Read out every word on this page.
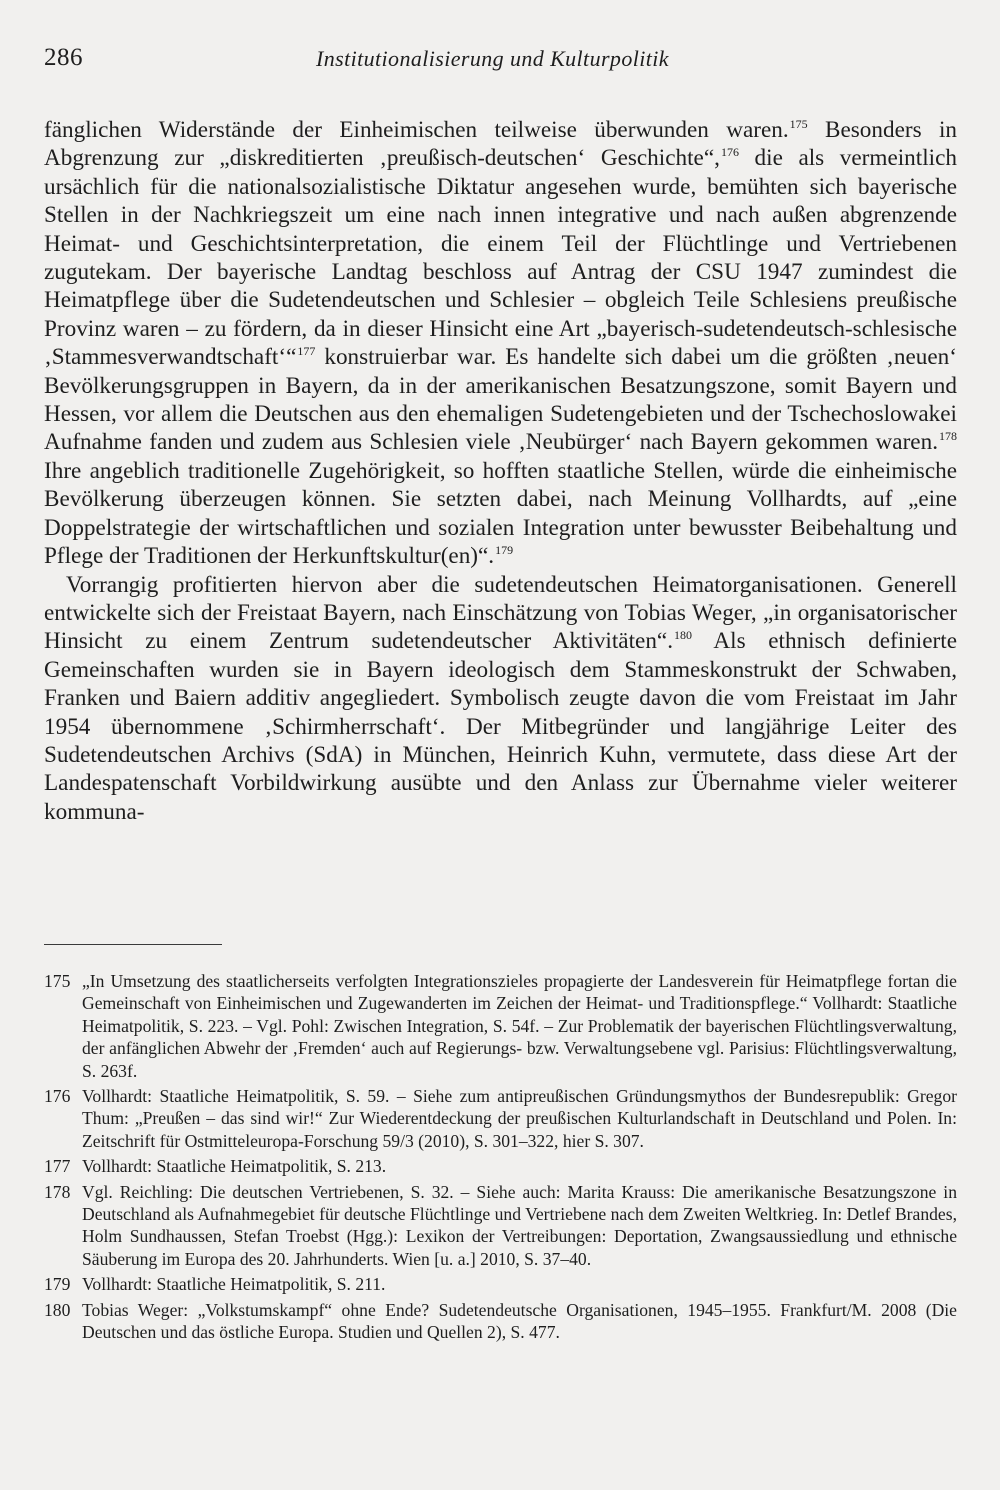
286	Institutionalisierung und Kulturpolitik

fänglichen Widerstände der Einheimischen teilweise überwunden waren.$^{175}$ Besonders in Abgrenzung zur „diskreditierten ‚preußisch-deutschen‘ Geschichte“,$^{176}$ die als vermeintlich ursächlich für die nationalsozialistische Diktatur angesehen wurde, bemühten sich bayerische Stellen in der Nachkriegszeit um eine nach innen integrative und nach außen abgrenzende Heimat- und Geschichtsinterpretation, die einem Teil der Flüchtlinge und Vertriebenen zugutekam. Der bayerische Landtag beschloss auf Antrag der CSU 1947 zumindest die Heimatpflege über die Sudetendeutschen und Schlesier – obgleich Teile Schlesiens preußische Provinz waren – zu fördern, da in dieser Hinsicht eine Art „bayerisch-sudetendeutsch-schlesische ‚Stammesverwandtschaft‘“$^{177}$ konstruierbar war. Es handelte sich dabei um die größten ‚neuen‘ Bevölkerungsgruppen in Bayern, da in der amerikanischen Besatzungszone, somit Bayern und Hessen, vor allem die Deutschen aus den ehemaligen Sudetengebieten und der Tschechoslowakei Aufnahme fanden und zudem aus Schlesien viele ‚Neubürger‘ nach Bayern gekommen waren.$^{178}$ Ihre angeblich traditionelle Zugehörigkeit, so hofften staatliche Stellen, würde die einheimische Bevölkerung überzeugen können. Sie setzten dabei, nach Meinung Vollhardts, auf „eine Doppelstrategie der wirtschaftlichen und sozialen Integration unter bewusster Beibehaltung und Pflege der Traditionen der Herkunftskultur(en)“.$^{179}$

Vorrangig profitierten hiervon aber die sudetendeutschen Heimatorganisationen. Generell entwickelte sich der Freistaat Bayern, nach Einschätzung von Tobias Weger, „in organisatorischer Hinsicht zu einem Zentrum sudetendeutscher Aktivitäten“.$^{180}$ Als ethnisch definierte Gemeinschaften wurden sie in Bayern ideologisch dem Stammeskonstrukt der Schwaben, Franken und Baiern additiv angegliedert. Symbolisch zeugte davon die vom Freistaat im Jahr 1954 übernommene ‚Schirmherrschaft‘. Der Mitbegründer und langjährige Leiter des Sudetendeutschen Archivs (SdA) in München, Heinrich Kuhn, vermutete, dass diese Art der Landespatenschaft Vorbildwirkung ausübte und den Anlass zur Übernahme vieler weiterer kommuna-

175 „In Umsetzung des staatlicherseits verfolgten Integrationszieles propagierte der Landesverein für Heimatpflege fortan die Gemeinschaft von Einheimischen und Zugewanderten im Zeichen der Heimat- und Traditionspflege.“ Vollhardt: Staatliche Heimatpolitik, S. 223. – Vgl. Pohl: Zwischen Integration, S. 54f. – Zur Problematik der bayerischen Flüchtlingsverwaltung, der anfänglichen Abwehr der ‚Fremden‘ auch auf Regierungs- bzw. Verwaltungsebene vgl. Parisius: Flüchtlingsverwaltung, S. 263f.
176 Vollhardt: Staatliche Heimatpolitik, S. 59. – Siehe zum antipreußischen Gründungsmythos der Bundesrepublik: Gregor Thum: „Preußen – das sind wir!“ Zur Wiederentdeckung der preußischen Kulturlandschaft in Deutschland und Polen. In: Zeitschrift für Ostmitteleuropa-Forschung 59/3 (2010), S. 301–322, hier S. 307.
177 Vollhardt: Staatliche Heimatpolitik, S. 213.
178 Vgl. Reichling: Die deutschen Vertriebenen, S. 32. – Siehe auch: Marita Krauss: Die amerikanische Besatzungszone in Deutschland als Aufnahmegebiet für deutsche Flüchtlinge und Vertriebene nach dem Zweiten Weltkrieg. In: Detlef Brandes, Holm Sundhaussen, Stefan Troebst (Hgg.): Lexikon der Vertreibungen: Deportation, Zwangsaussiedlung und ethnische Säuberung im Europa des 20. Jahrhunderts. Wien [u. a.] 2010, S. 37–40.
179 Vollhardt: Staatliche Heimatpolitik, S. 211.
180 Tobias Weger: „Volkstumskampf“ ohne Ende? Sudetendeutsche Organisationen, 1945–1955. Frankfurt/M. 2008 (Die Deutschen und das östliche Europa. Studien und Quellen 2), S. 477.
